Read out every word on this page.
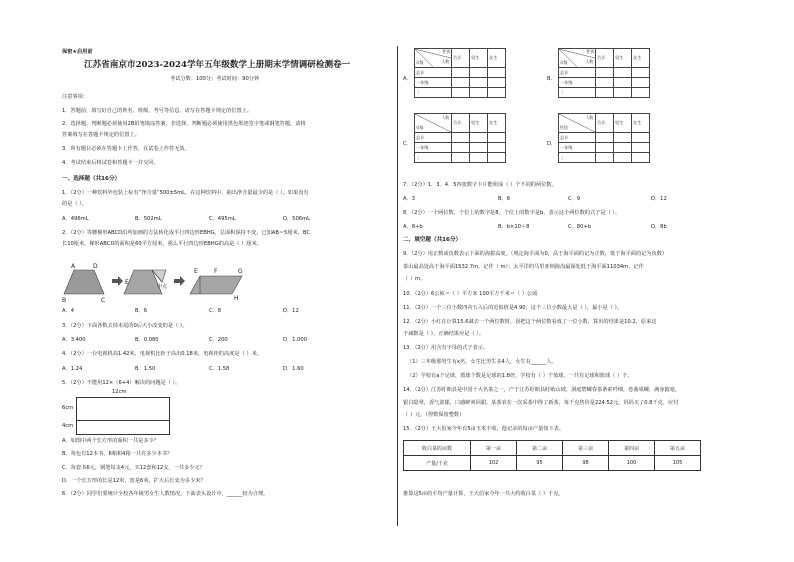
保密★启用前
江苏省南京市2023-2024学年五年级数学上册期末学情调研检测卷一
考试分数：100分；考试时间：90分钟
注意事项：
1．答题前，填写好自己的姓名、班级、考号等信息，请写在答题卡规定的位置上。
2．选择题、判断题必须使用2B铅笔填涂答案，非选择、判断题必须使用黑色墨迹签字笔或钢笔答题，请将
答案填写在答题卡规定的位置上。
3．所有题目必须在答题卡上作答，在试卷上作答无效。
4．考试结束后将试卷和答题卡一并交回。
一、选择题（共16分）
1．（2分）一种饮料外包装上标有“净含量”500±5mL，在这种饮料中，抽出净含量最少的是（ ）。如果没有
的是（ ）。
A．496mL	B．502mL	C．495mL	D．506mL
2．（2分）等腰梯形ABCD沿所加画的方法转化成平行四边形EBHG，总面积保持不变。已知AB＝5厘米，BC
长10厘米，梯形ABCD的面积是60平方厘米，那么平行四边形EBHG的高是（ ）厘米。
A	D
B	C
中点
E
E	F	G
H
A．4	B．6	C．8	D．12
3．（2分）下面各数去掉末尾的0后大小改变的是（ ）。
A．3.400	B．0.080	C．200	D．1.000
4．（2分）一台电视机高1.42米，电视机比柜子高出0.18米，电视柜的高度是（ ）米。
A．1.24	B．1.50	C．1.58	D．1.60
5．（2分）不能用12×（6+4）解决的问题是（ ）。
12cm
6cm
4cm
A．如图中两个长方形的面积一共是多少？
B．每包有12本书，6箱和4箱一共有多少本书？
C．每套书6元，钢笔每支4元，买12套和12支，一共多少元？
D．一个长方形的长是12米，宽是6米，扩大后长变为多少米？
6．（2分）同学们要统计全校各年级男女生人数情况，下面表头设计中，______较为合理。
A．	B．
C．	D．
性别
人数
年级	合计	男生	女生
总计			
一年级			
⋮			
性别
人数
年级	合计	男生	女生
总计			
一年级			
⋮			
人数
年级	合计	男生	女生
总计			
一年级			
⋮			
人数
性别	合计	男生	女生
总计			
一年级			
⋮			
7．（2分）1．3．4．5四张数字卡片能组成（ ）个不同的两位数。
A．3	B．6	C．9	D．12
8．（2分）一个两位数，个位上的数字是8，个位上的数字是b，表示这个两位数的式子是（ ）。
A．8+b	B．b×10＋8	C．80+b	D．8b
二、填空题（共16分）
9．（2分）用正数或负数表示下面的海拔高度。（规定海平面为0，高于海平面的记为正数，低于海平面的记为负数）
泰山最高处高于海平面1532.7m，记作（ m）；太平洋的马里亚纳海沟最深处低于海平面11034m，记作
（ ）m。
10．（2分）6公顷＝（ ）平方米 100平方千米＝（ ）公顷
11．（2分）一个三位小数四舍五入后的近似值是4.90，这个三位小数最大是（ ），最小是（ ）。
12．（2分）小红在计算15.6减去一个两位数时，误把这个两位数看成了一位小数，算出的结果是10.2，原来这
个减数是（ ），正确结果应是（ ）。
13．（2分）用含有字母的式子表示。
（1）三年级那男生有x名，女生比男生多4人，女生有______人。
（2）学校有a个足球，篮球个数是足球的1.8倍，学校有（ ）个篮球，一共有足球和篮球（ ）个。
14．（2分）江苏盱眙县是中国十大名茶之一，产于江苏盱眙县盱眙山坡，洞庭碧螺春茶条索纤细，卷曲成螺，满身披毫，
银白隐翠，香气浓郁，口感鲜爽回甜。某茶农在一次采茶中得了新茶，每千克售价是224.52元，妈妈买了0.8千克，应付
（ ）元。（得数保留整数）
15．（2分）王大伯家今年有5亩玉米丰收，他记录的每亩产量如下表。
收白菜的亩数	第一亩	第二亩	第三亩	第四亩	第五亩
产量/千克	102	95	98	100	105
推算这5亩的平均产量计算，王大伯家今年一共大约收白菜（ ）千克。
